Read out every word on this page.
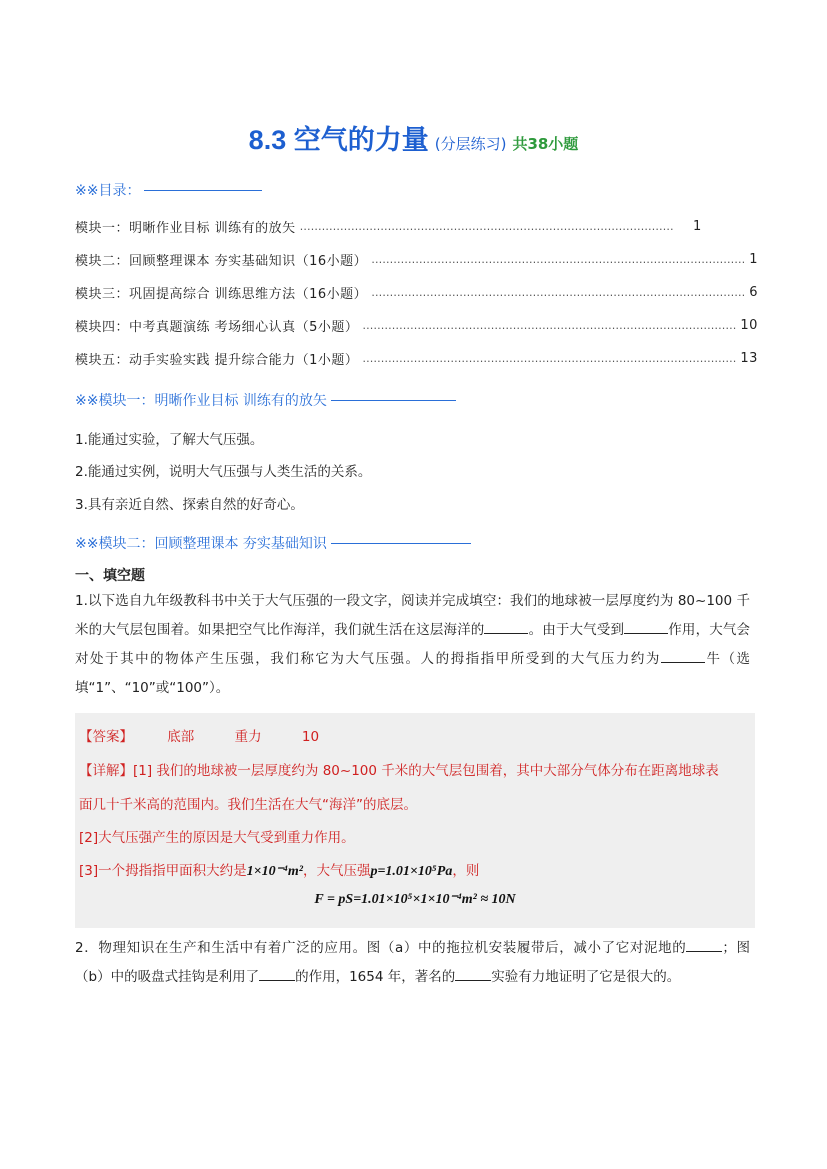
8.3 空气的力量 (分层练习) 共38小题
※※目录：
模块一：明晰作业目标 训练有的放矢 …………………………………………………………………………………………	1
模块二：回顾整理课本 夯实基础知识（16小题） ………………………………………………………………………………………… 1
模块三：巩固提高综合 训练思维方法（16小题） ………………………………………………………………………………………… 6
模块四：中考真题演练 考场细心认真（5小题） ………………………………………………………………………………………… 10
模块五：动手实验实践 提升综合能力（1小题） ………………………………………………………………………………………… 13
※※模块一：明晰作业目标 训练有的放矢
1.能通过实验，了解大气压强。
2.能通过实例，说明大气压强与人类生活的关系。
3.具有亲近自然、探索自然的好奇心。
※※模块二：回顾整理课本 夯实基础知识
一、填空题
1.以下选自九年级教科书中关于大气压强的一段文字，阅读并完成填空：我们的地球被一层厚度约为 80~100 千米的大气层包围着。如果把空气比作海洋，我们就生活在这层海洋的	。由于大气受到	作用，大气会对处于其中的物体产生压强，我们称它为大气压强。人的拇指指甲所受到的大气压力约为	牛（选填“1”、“10”或“100”）。
【答案】	底部	重力	10
【详解】[1] 我们的地球被一层厚度约为 80~100 千米的大气层包围着，其中大部分气体分布在距离地球表
面几十千米高的范围内。我们生活在大气“海洋”的底层。
[2]大气压强产生的原因是大气受到重力作用。
[3]一个拇指指甲面积大约是1×10⁻⁴m²，大气压强p=1.01×10⁵Pa，则
F = pS=1.01×10⁵×1×10⁻⁴m² ≈ 10N
2．物理知识在生产和生活中有着广泛的应用。图（a）中的拖拉机安装履带后，减小了它对泥地的	；图（b）中的吸盘式挂钩是利用了	的作用，1654 年，著名的	实验有力地证明了它是很大的。
